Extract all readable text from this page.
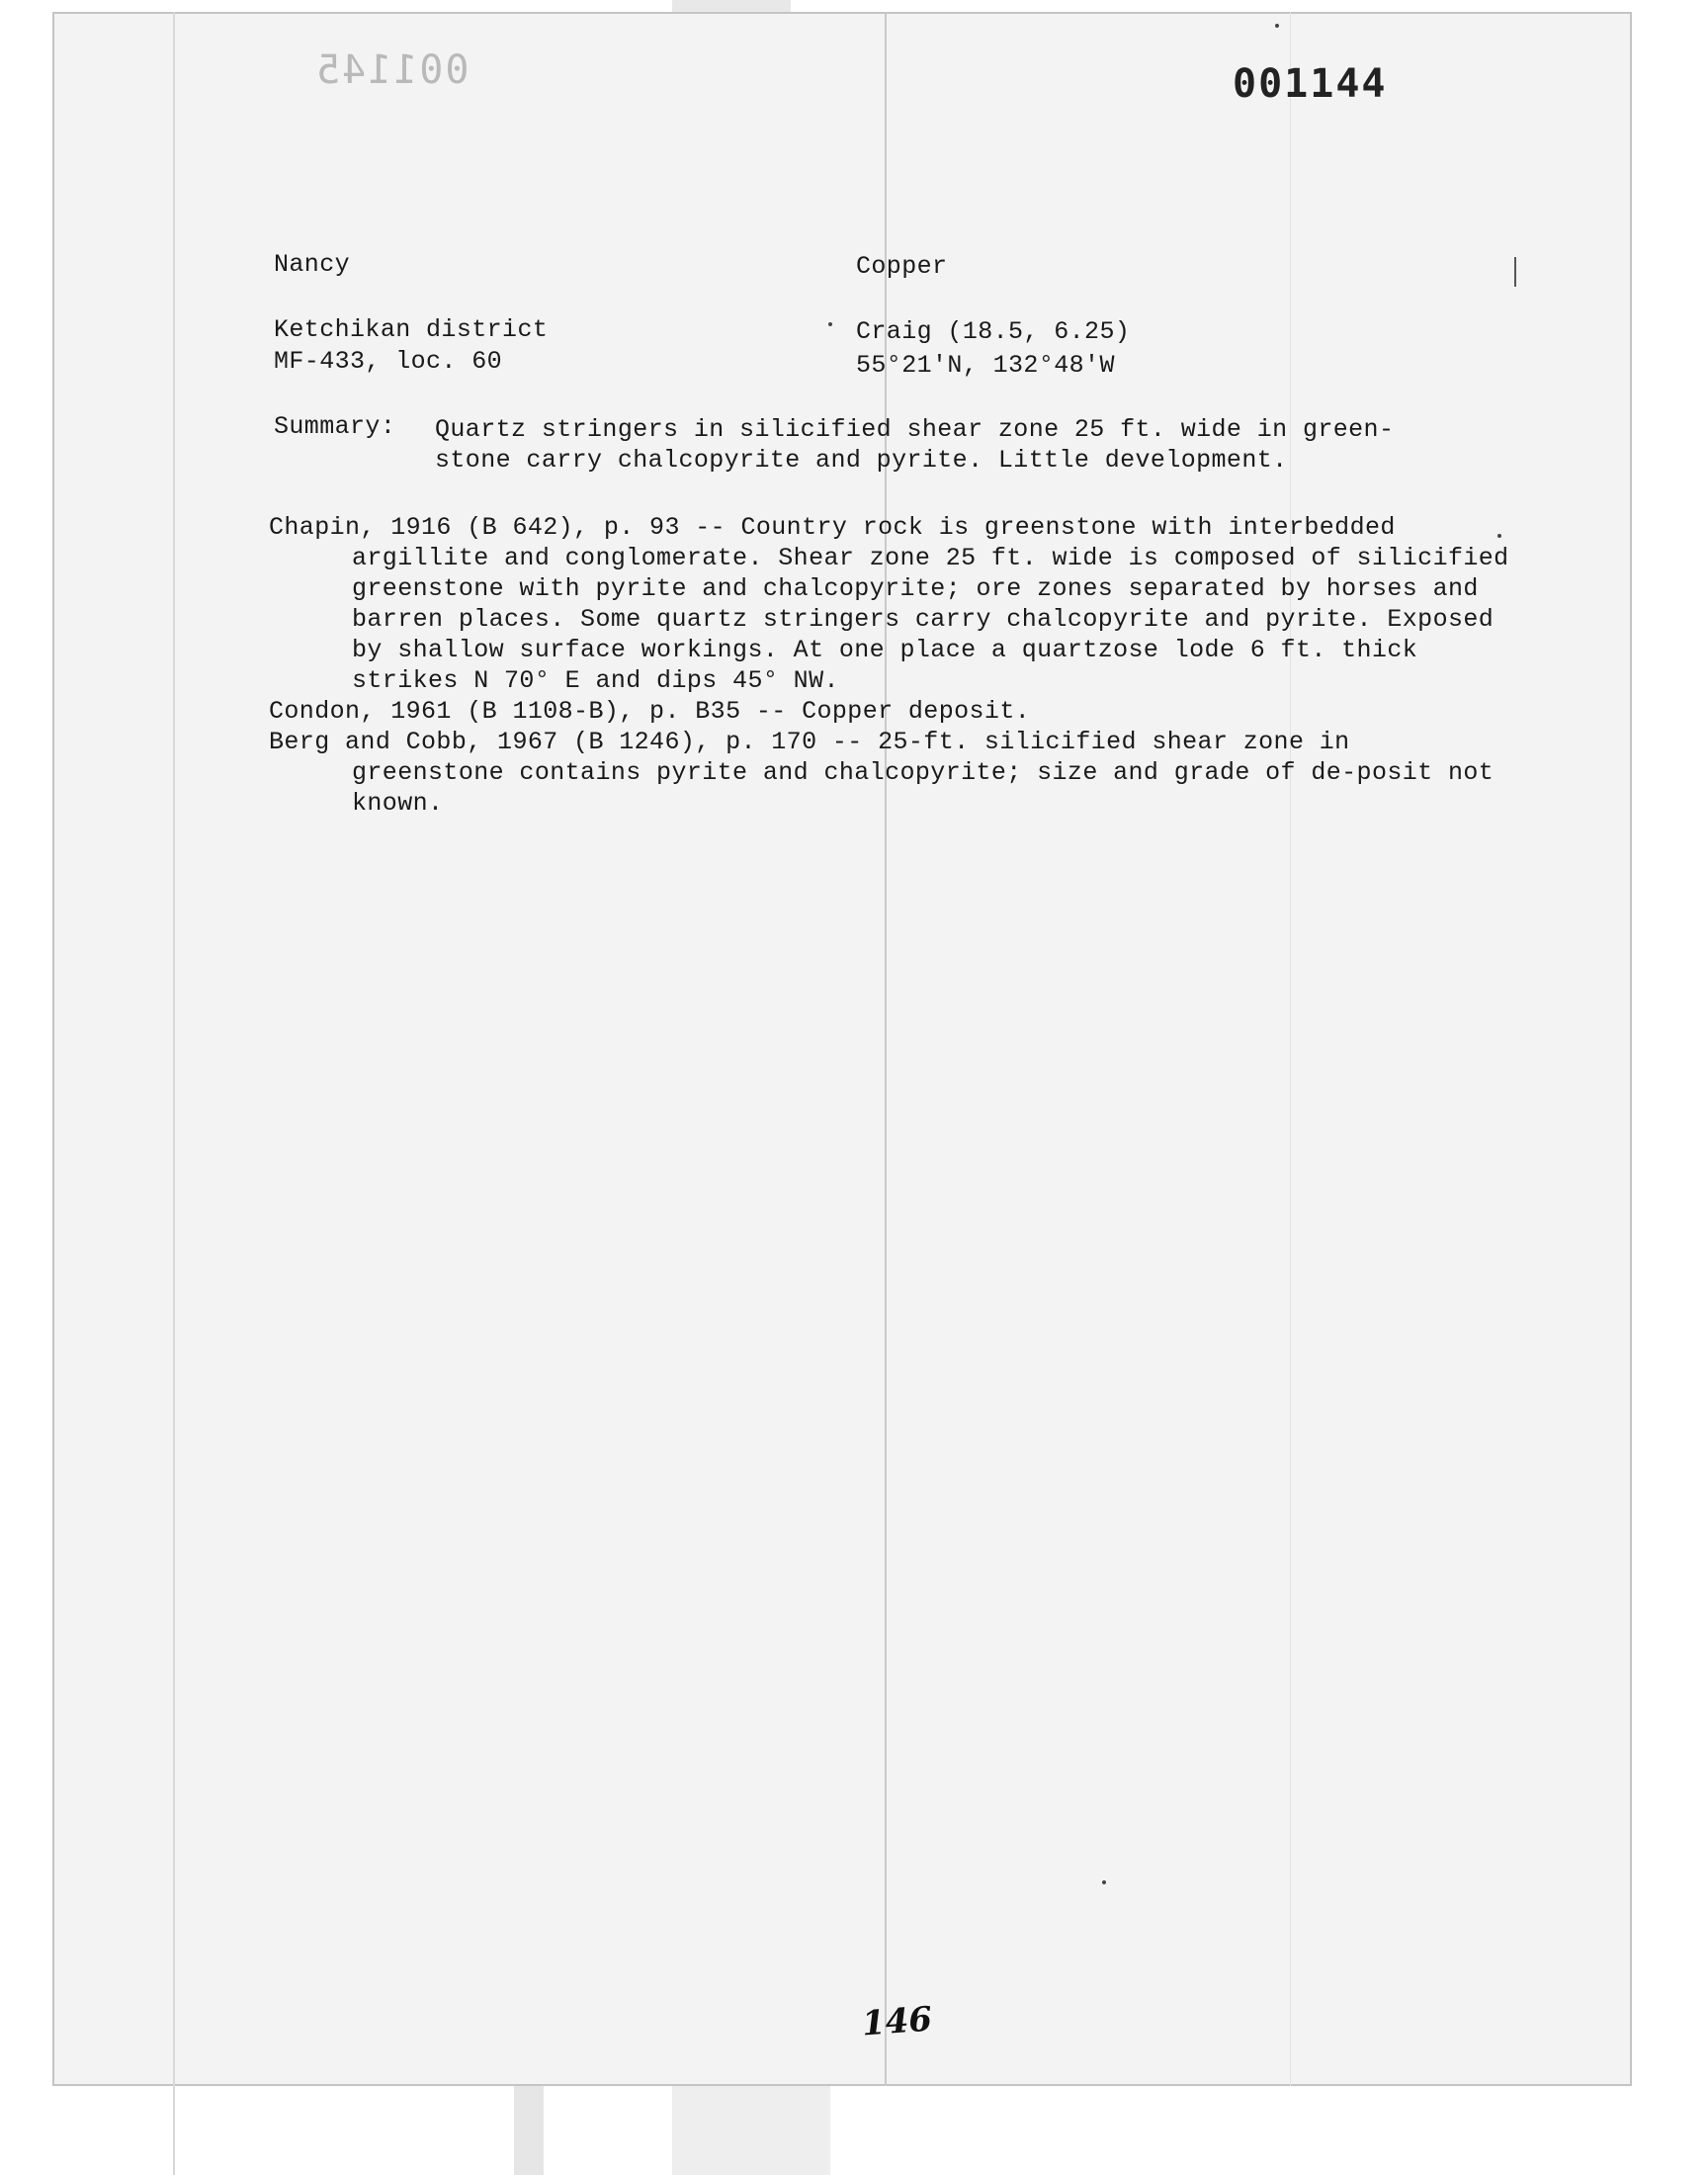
001145	001144
Nancy	Copper
Ketchikan district
MF-433, loc. 60
Craig (18.5, 6.25)
55°21'N, 132°48'W
Summary: Quartz stringers in silicified shear zone 25 ft. wide in green-stone carry chalcopyrite and pyrite. Little development.

Chapin, 1916 (B 642), p. 93 -- Country rock is greenstone with interbedded argillite and conglomerate. Shear zone 25 ft. wide is composed of silicified greenstone with pyrite and chalcopyrite; ore zones separated by horses and barren places. Some quartz stringers carry chalcopyrite and pyrite. Exposed by shallow surface workings. At one place a quartzose lode 6 ft. thick strikes N 70° E and dips 45° NW.

Condon, 1961 (B 1108-B), p. B35 -- Copper deposit.

Berg and Cobb, 1967 (B 1246), p. 170 -- 25-ft. silicified shear zone in greenstone contains pyrite and chalcopyrite; size and grade of de-posit not known.

146
